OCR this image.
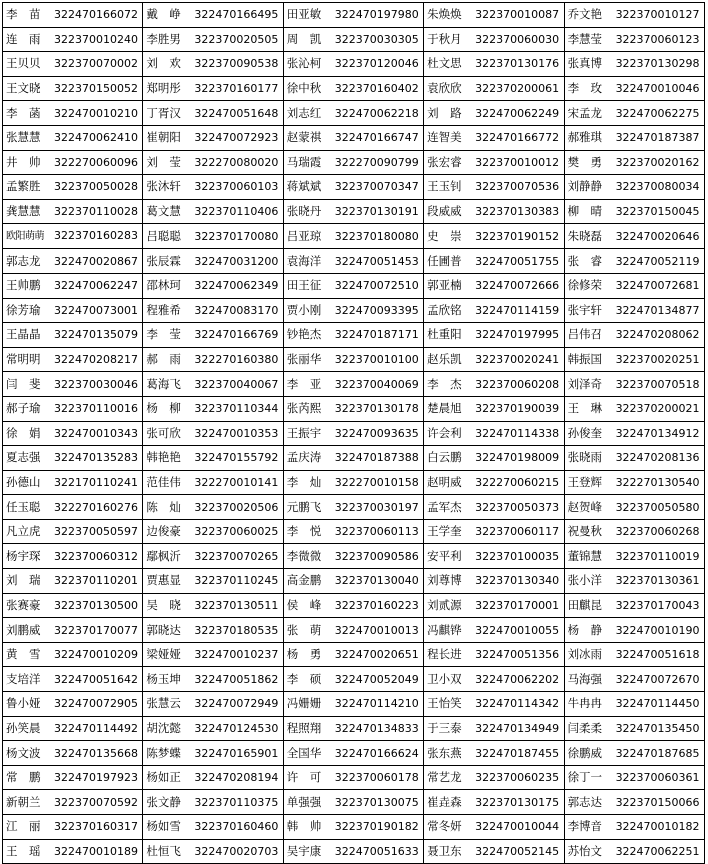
李　苗 322470166072	戴　峥 322470166495	田亚敏 322470197980	朱焕焕 322370010087	乔文艳 322370010127
连　雨 322370010240	李胜男 322370020505	周　凯 322370030305	于秋月 322370060030	李慧莹 322370060123
王贝贝 322370070002	刘　欢 322370090538	张沁柯 322370120046	杜文思 322370130176	张真博 322370130298
王文晓 322370150052	郑明彤 322370160177	徐中秋 322370160402	袁欣欣 322370200061	李　玫 322470010046
李　菡 322470010210	丁胥汉 322470051648	刘志红 322470062218	刘　路 322470062249	宋孟龙 322470062275
张慧慧 322470062410	崔朝阳 322470072923	赵蒙祺 322470166747	连智美 322470166772	郝雅琪 322470187387
井　帅 322270060096	刘　莹 322270080020	马瑞霞 322270090799	张宏睿 322370010012	樊　勇 322370020162
孟繁胜 322370050028	张沐轩 322370060103	蒋斌斌 322370070347	王玉钊 322370070536	刘静静 322370080034
龚慧慧 322370110028	葛文慧 322370110406	张晓丹 322370130191	段威威 322370130383	柳　晴 322370150045
欧阳萌萌 322370160283	吕聪聪 322370170080	吕亚琼 322370180080	史　崇 322370190152	朱晓磊 322470020646
郭志龙 322470020867	张辰霖 322470031200	袁海洋 322470051453	任圃普 322470051755	张　睿 322470052119
王帅鹏 322470062247	邵林珂 322470062349	田王征 322470072510	郭亚楠 322470072666	徐修荣 322470072681
徐芳瑜 322470073001	程雅希 322470083170	贾小刚 322470093395	孟欣铭 322470114159	张宇轩 322470134877
王晶晶 322470135079	李　莹 322470166769	钞艳杰 322470187171	杜重阳 322470197995	吕伟召 322470208062
常明明 322470208217	郝　雨 322270160380	张丽华 322370010100	赵乐凯 322370020241	韩振国 322370020251
闫　斐 322370030046	葛海飞 322370040067	李　亚 322370040069	李　杰 322370060208	刘泽奇 322370070518
郝子瑜 322370110016	杨　柳 322370110344	张芮熙 322370130178	楚晨旭 322370190039	王　琳 322370200021
徐　娟 322470010343	张可欣 322470010353	王振宇 322470093635	许会利 322470114338	孙俊奎 322470134912
夏志强 322470135283	韩艳艳 322470155792	孟庆涛 322470187388	白云鹏 322470198009	张晓雨 322470208136
孙德山 322170110241	范佳伟 322270010141	李　灿 322270010158	赵明威 322270060215	王登辉 322270130540
任玉聪 322270160276	陈　灿 322370020506	元鹏飞 322370030197	孟军杰 322370050373	赵贺峰 322370050580
凡立虎 322370050597	边俊豪 322370060025	李　悦 322370060113	王学奎 322370060117	祝曼秋 322370060268
杨宇琛 322370060312	鄢枫沂 322370070265	李微微 322370090586	安平利 322370100035	董锦慧 322370110019
刘　瑞 322370110201	贾惠显 322370110245	高金鹏 322370130040	刘尊博 322370130340	张小洋 322370130361
张赛豪 322370130500	吴　晓 322370130511	侯　峰 322370160223	刘贰源 322370170001	田麒昆 322370170043
刘鹏威 322370170077	郭晓达 322370180535	张　萌 322470010013	冯麒铧 322470010055	杨　静 322470010190
黄　雪 322470010209	梁娅娅 322470010237	杨　勇 322470020651	程长进 322470051356	刘冰雨 322470051618
支培洋 322470051642	杨玉坤 322470051862	李　硕 322470052049	卫小双 322470062202	马海强 322470072670
鲁小娅 322470072905	张慧云 322470072949	冯姗姗 322470114210	王怡笑 322470114342	牛冉冉 322470114450
孙笑晨 322470114492	胡沈懿 322470124530	程照翔 322470134833	于三泰 322470134949	闫柔柔 322470135450
杨文波 322470135668	陈梦蝶 322470165901	全国华 322470166624	张东燕 322470187455	徐鹏威 322470187685
常　鹏 322470197923	杨如正 322470208194	许　可 322370060178	常艺龙 322370060235	徐丁一 322370060361
新朝兰 322370070592	张文静 322370110375	单强强 322370130075	崔垚森 322370130175	郭志达 322370150066
江　丽 322370160317	杨如雪 322370160460	韩　帅 322370190182	常冬妍 322470010044	李博音 322470010182
王　瑶 322470010189	杜恒飞 322470020703	吴宇康 322470051633	聂卫东 322470052145	苏怡文 322470062251
